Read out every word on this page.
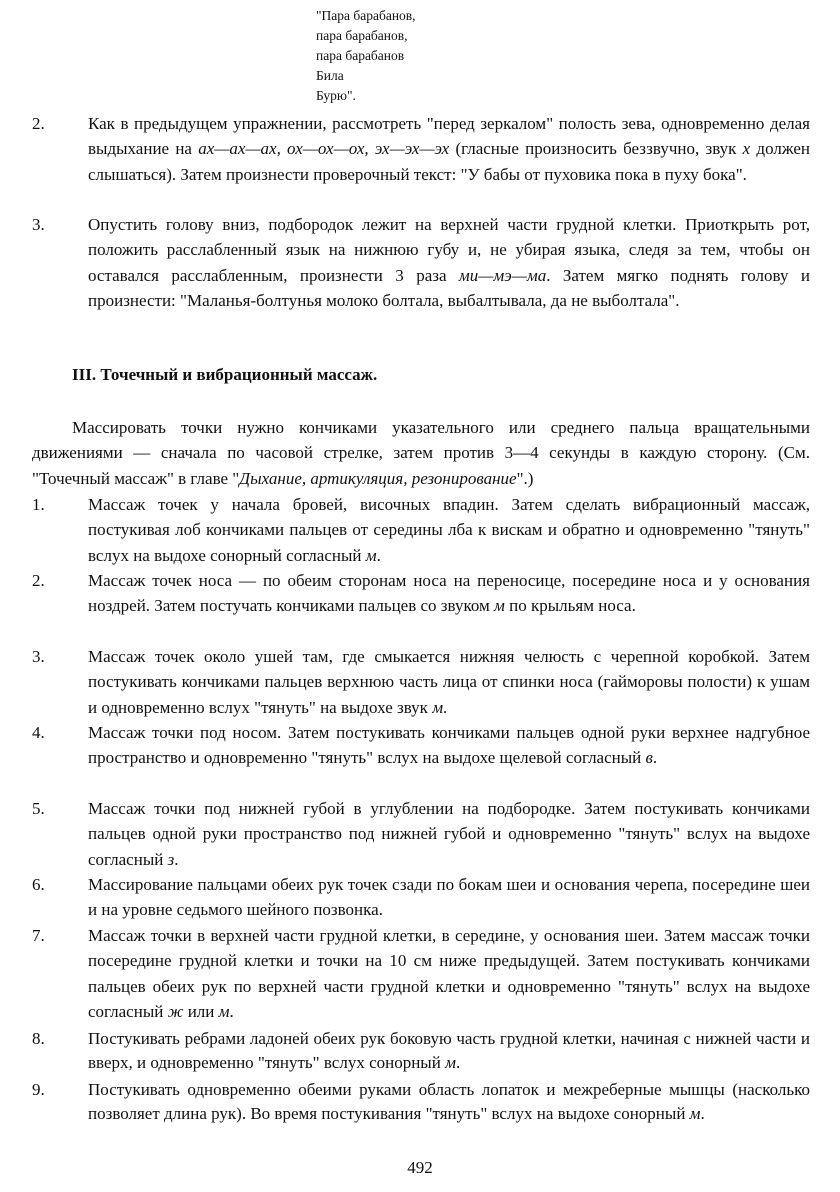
"Пара барабанов,
пара барабанов,
пара барабанов
Била
Бурю".
2.	Как в предыдущем упражнении, рассмотреть "перед зеркалом" полость зева, одновременно делая выдыхание на ах—ах—ах, ох—ох—ох, эх—эх—эх (гласные произносить беззвучно, звук х должен слышаться). Затем произнести проверочный текст: "У бабы от пуховика пока в пуху бока".
3.	Опустить голову вниз, подбородок лежит на верхней части грудной клетки. Приоткрыть рот, положить расслабленный язык на нижнюю губу и, не убирая языка, следя за тем, чтобы он оставался расслабленным, произнести 3 раза ми—мэ—ма. Затем мягко поднять голову и произнести: "Маланья-болтунья молоко болтала, выбалтывала, да не выболтала".
III. Точечный и вибрационный массаж.
Массировать точки нужно кончиками указательного или среднего пальца вращательными движениями — сначала по часовой стрелке, затем против 3—4 секунды в каждую сторону. (См. "Точечный массаж" в главе "Дыхание, артикуляция, резонирование".)
1.	Массаж точек у начала бровей, височных впадин. Затем сделать вибрационный массаж, постукивая лоб кончиками пальцев от середины лба к вискам и обратно и одновременно "тянуть" вслух на выдохе сонорный согласный м.
2.	Массаж точек носа — по обеим сторонам носа на переносице, посередине носа и у основания ноздрей. Затем постучать кончиками пальцев со звуком м по крыльям носа.
3.	Массаж точек около ушей там, где смыкается нижняя челюсть с черепной коробкой. Затем постукивать кончиками пальцев верхнюю часть лица от спинки носа (гайморовы полости) к ушам и одновременно вслух "тянуть" на выдохе звук м.
4.	Массаж точки под носом. Затем постукивать кончиками пальцев одной руки верхнее надгубное пространство и одновременно "тянуть" вслух на выдохе щелевой согласный в.
5.	Массаж точки под нижней губой в углублении на подбородке. Затем постукивать кончиками пальцев одной руки пространство под нижней губой и одновременно "тянуть" вслух на выдохе согласный з.
6.	Массирование пальцами обеих рук точек сзади по бокам шеи и основания черепа, посередине шеи и на уровне седьмого шейного позвонка.
7.	Массаж точки в верхней части грудной клетки, в середине, у основания шеи. Затем массаж точки посередине грудной клетки и точки на 10 см ниже предыдущей. Затем постукивать кончиками пальцев обеих рук по верхней части грудной клетки и одновременно "тянуть" вслух на выдохе согласный ж или м.
8.	Постукивать ребрами ладоней обеих рук боковую часть грудной клетки, начиная с нижней части и вверх, и одновременно "тянуть" вслух сонорный м.
9.	Постукивать одновременно обеими руками область лопаток и межреберные мышцы (насколько позволяет длина рук). Во время постукивания "тянуть" вслух на выдохе сонорный м.
492
